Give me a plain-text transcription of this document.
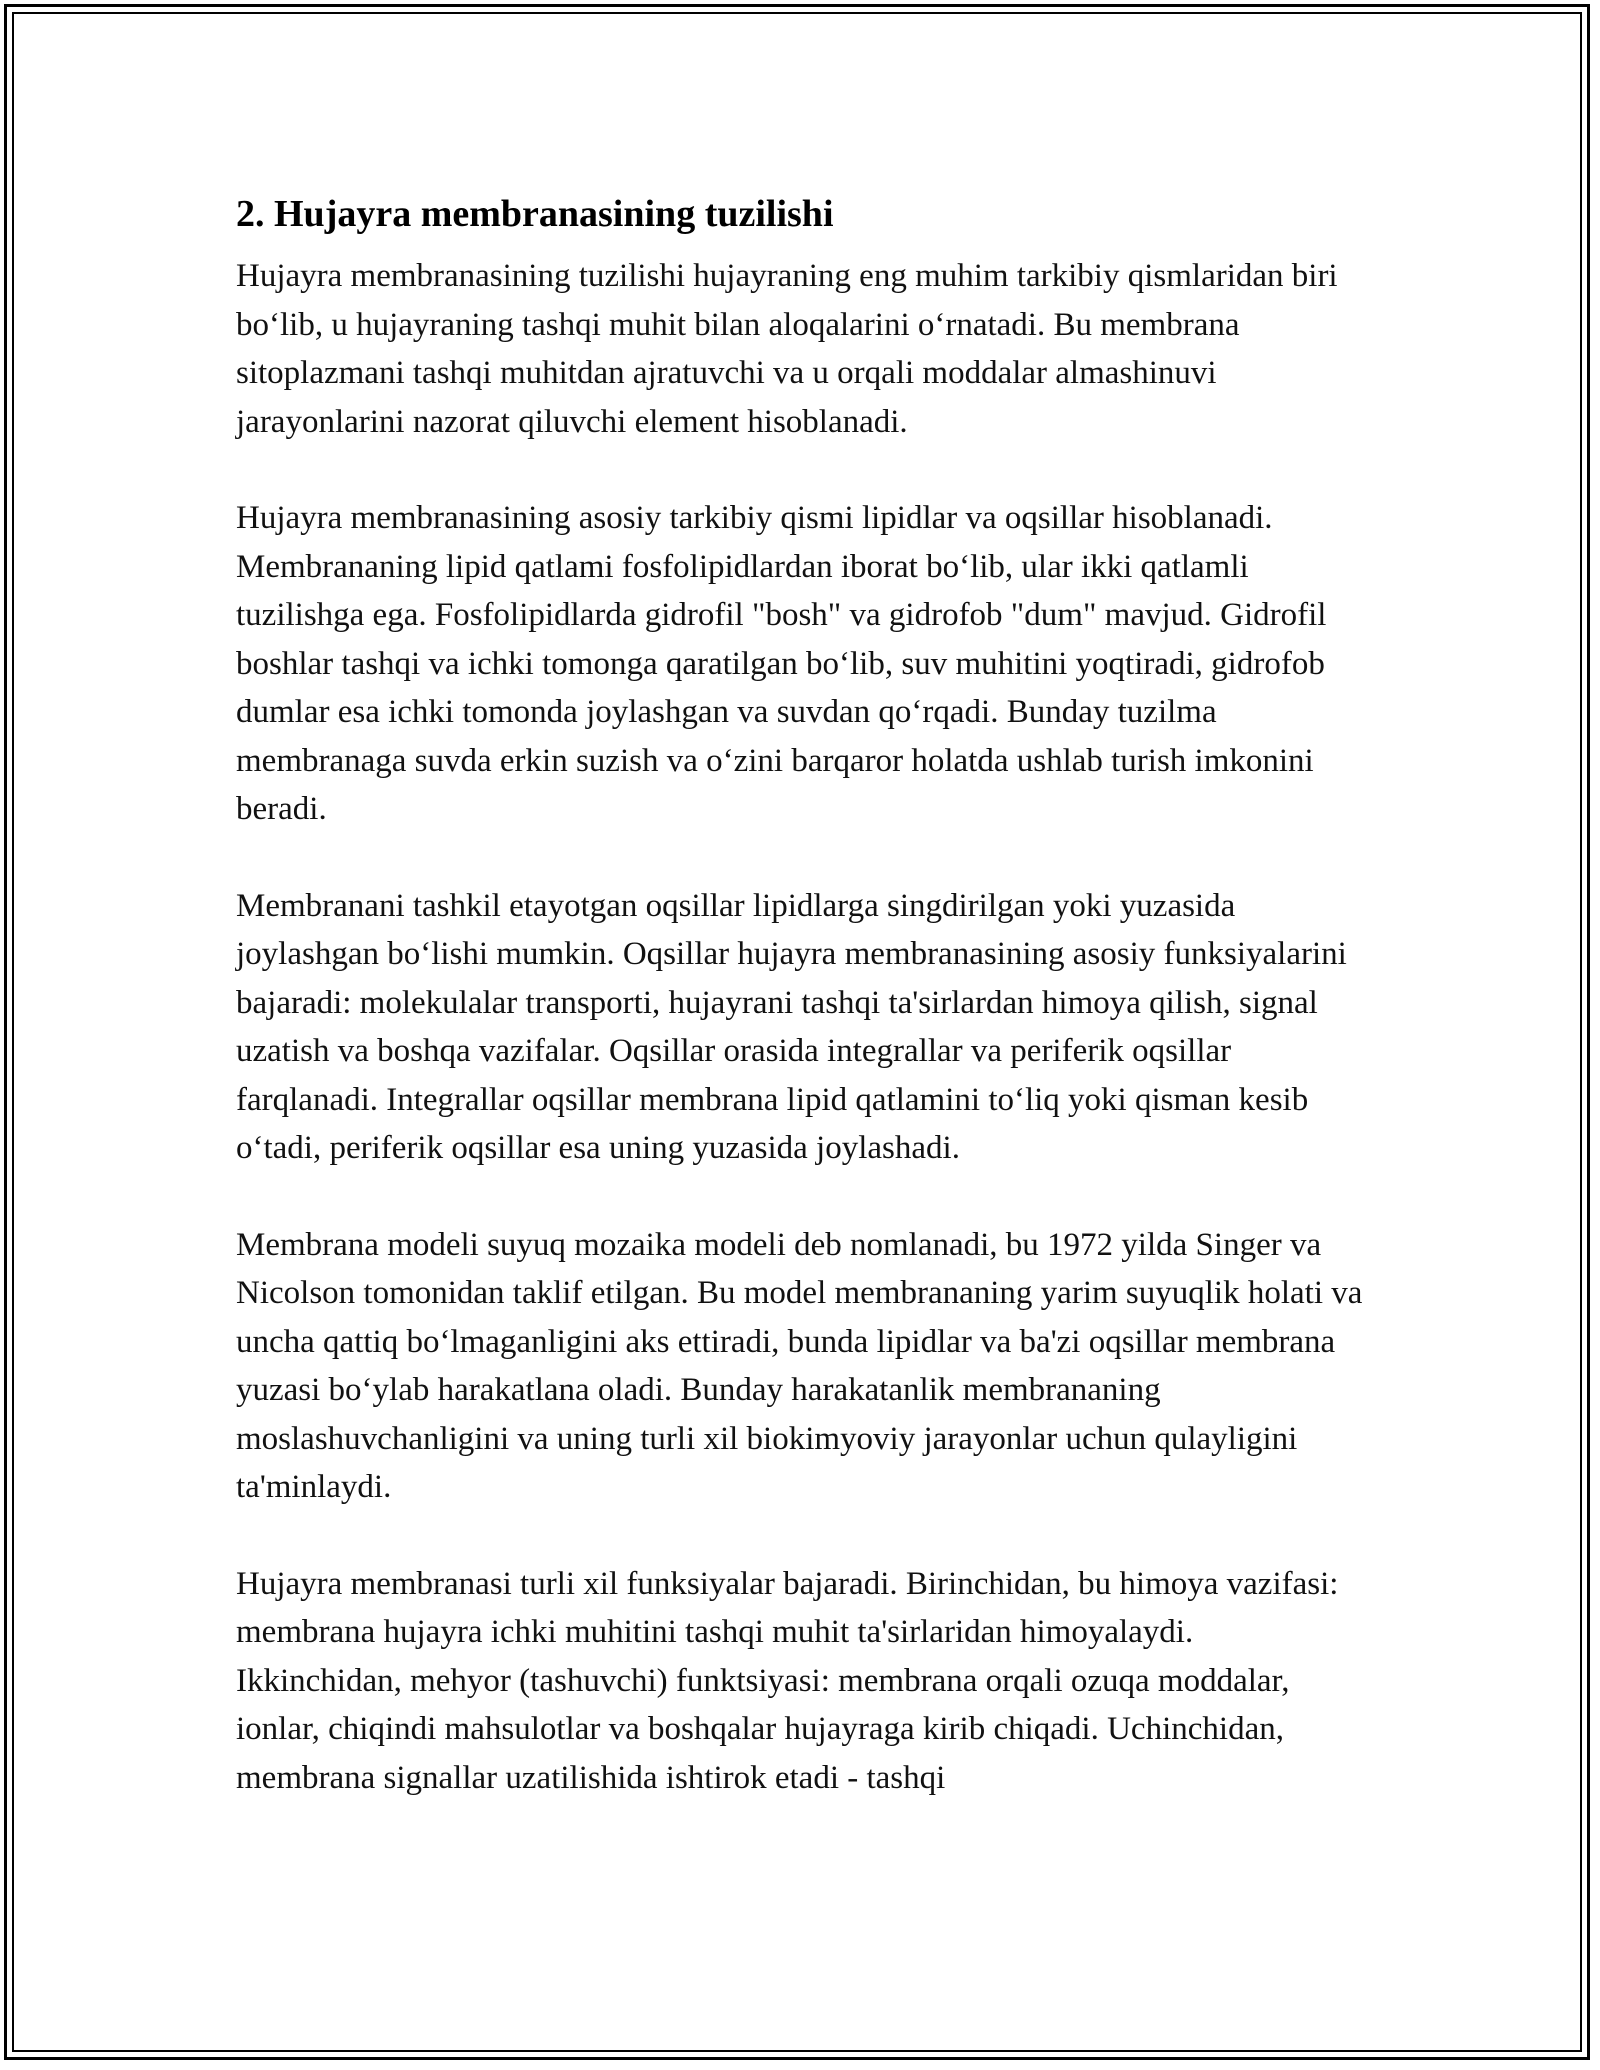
2. Hujayra membranasining tuzilishi

Hujayra membranasining tuzilishi hujayraning eng muhim tarkibiy qismlaridan biri bo‘lib, u hujayraning tashqi muhit bilan aloqalarini o‘rnatadi. Bu membrana sitoplazmani tashqi muhitdan ajratuvchi va u orqali moddalar almashinuvi jarayonlarini nazorat qiluvchi element hisoblanadi.

Hujayra membranasining asosiy tarkibiy qismi lipidlar va oqsillar hisoblanadi. Membrananing lipid qatlami fosfolipidlardan iborat bo‘lib, ular ikki qatlamli tuzilishga ega. Fosfolipidlarda gidrofil "bosh" va gidrofob "dum" mavjud. Gidrofil boshlar tashqi va ichki tomonga qaratilgan bo‘lib, suv muhitini yoqtiradi, gidrofob dumlar esa ichki tomonda joylashgan va suvdan qo‘rqadi. Bunday tuzilma membranaga suvda erkin suzish va o‘zini barqaror holatda ushlab turish imkonini beradi.

Membranani tashkil etayotgan oqsillar lipidlarga singdirilgan yoki yuzasida joylashgan bo‘lishi mumkin. Oqsillar hujayra membranasining asosiy funksiyalarini bajaradi: molekulalar transporti, hujayrani tashqi ta'sirlardan himoya qilish, signal uzatish va boshqa vazifalar. Oqsillar orasida integrallar va periferik oqsillar farqlanadi. Integrallar oqsillar membrana lipid qatlamini to‘liq yoki qisman kesib o‘tadi, periferik oqsillar esa uning yuzasida joylashadi.

Membrana modeli suyuq mozaika modeli deb nomlanadi, bu 1972 yilda Singer va Nicolson tomonidan taklif etilgan. Bu model membrananing yarim suyuqlik holati va uncha qattiq bo‘lmaganligini aks ettiradi, bunda lipidlar va ba'zi oqsillar membrana yuzasi bo‘ylab harakatlana oladi. Bunday harakatanlik membrananing moslashuvchanligini va uning turli xil biokimyoviy jarayonlar uchun qulayligini ta'minlaydi.

Hujayra membranasi turli xil funksiyalar bajaradi. Birinchidan, bu himoya vazifasi: membrana hujayra ichki muhitini tashqi muhit ta'sirlaridan himoyalaydi. Ikkinchidan, mehyor (tashuvchi) funktsiyasi: membrana orqali ozuqa moddalar, ionlar, chiqindi mahsulotlar va boshqalar hujayraga kirib chiqadi. Uchinchidan, membrana signallar uzatilishida ishtirok etadi - tashqi
